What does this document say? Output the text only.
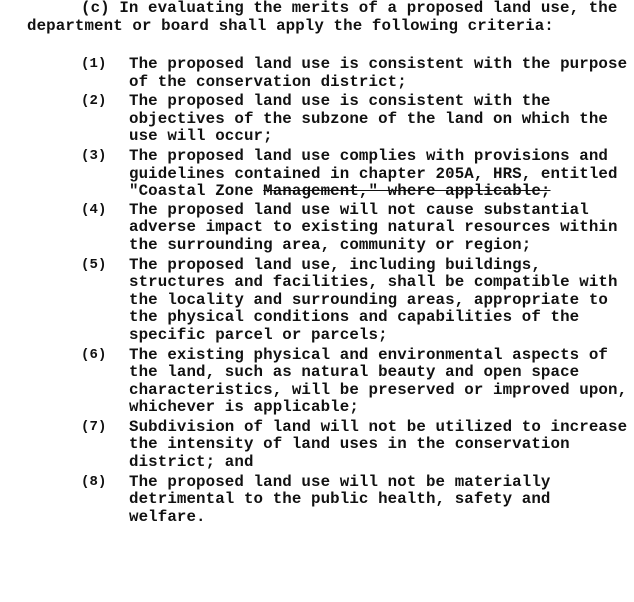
(c) In evaluating the merits of a proposed land use, the department or board shall apply the following criteria:

(1)	The proposed land use is consistent with the purpose of the conservation district;
(2)	The proposed land use is consistent with the objectives of the subzone of the land on which the use will occur;
(3)	The proposed land use complies with provisions and guidelines contained in chapter 205A, HRS, entitled "Coastal Zone Management," where applicable;
(4)	The proposed land use will not cause substantial adverse impact to existing natural resources within the surrounding area, community or region;
(5)	The proposed land use, including buildings, structures and facilities, shall be compatible with the locality and surrounding areas, appropriate to the physical conditions and capabilities of the specific parcel or parcels;
(6)	The existing physical and environmental aspects of the land, such as natural beauty and open space characteristics, will be preserved or improved upon, whichever is applicable;
(7)	Subdivision of land will not be utilized to increase the intensity of land uses in the conservation district; and
(8)	The proposed land use will not be materially detrimental to the public health, safety and welfare.
